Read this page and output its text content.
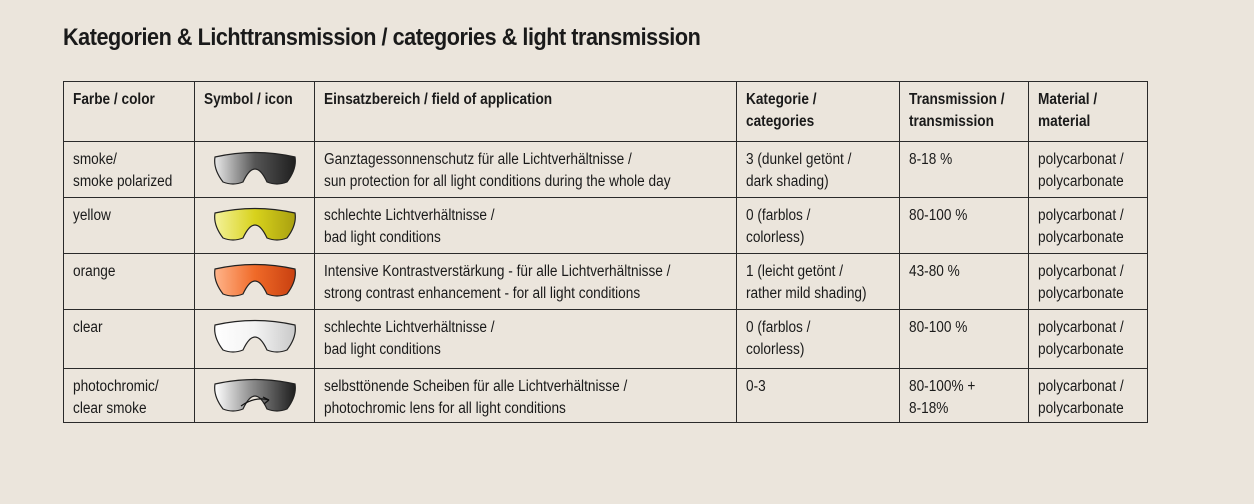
Kategorien & Lichttransmission / categories & light transmission
Farbe / color	Symbol / icon	Einsatzbereich / field of application	Kategorie /
categories	Transmission /
transmission	Material /
material

smoke/
smoke polarized		Ganztagessonnenschutz für alle Lichtverhältnisse /
sun protection for all light conditions during the whole day	3 (dunkel getönt /
dark shading)	8-18 %	polycarbonat /
polycarbonate

yellow		schlechte Lichtverhältnisse /
bad light conditions	0 (farblos /
colorless)	80-100 %	polycarbonat /
polycarbonate

orange		Intensive Kontrastverstärkung - für alle Lichtverhältnisse /
strong contrast enhancement - for all light conditions	1 (leicht getönt /
rather mild shading)	43-80 %	polycarbonat /
polycarbonate

clear		schlechte Lichtverhältnisse /
bad light conditions	0 (farblos /
colorless)	80-100 %	polycarbonat /
polycarbonate

photochromic/
clear smoke		selbsttönende Scheiben für alle Lichtverhältnisse /
photochromic lens for all light conditions	0-3	80-100% +
8-18%	polycarbonat /
polycarbonate
